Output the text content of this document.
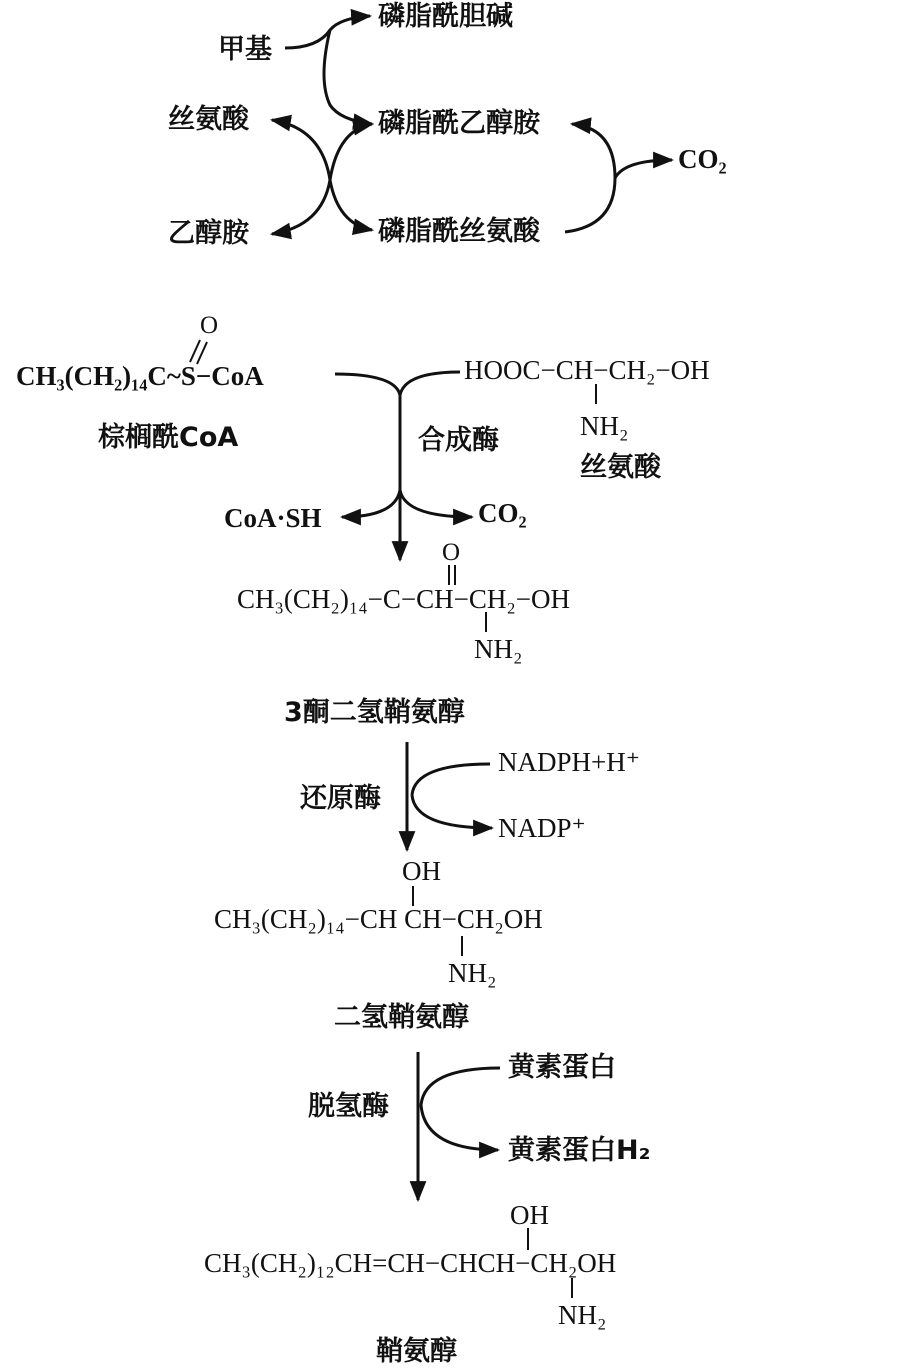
甲基
磷脂酰胆碱
丝氨酸	磷脂酰乙醇胺
乙醇胺	磷脂酰丝氨酸
CO₂
O
CH₃(CH₂)₁₄C~S−CoA
棕榈酰CoA
HOOC−CH−CH₂−OH
NH₂
丝氨酸
合成酶
CoA·SH	CO₂
O
CH₃(CH₂)₁₄−C−CH−CH₂−OH
NH₂
3酮二氢鞘氨醇
还原酶
NADPH+H⁺
NADP⁺
OH
CH₃(CH₂)₁₄−CH CH−CH₂OH
NH₂
二氢鞘氨醇
脱氢酶
黄素蛋白
黄素蛋白H₂
OH
CH₃(CH₂)₁₂CH=CH−CHCH−CH₂OH
NH₂
鞘氨醇
